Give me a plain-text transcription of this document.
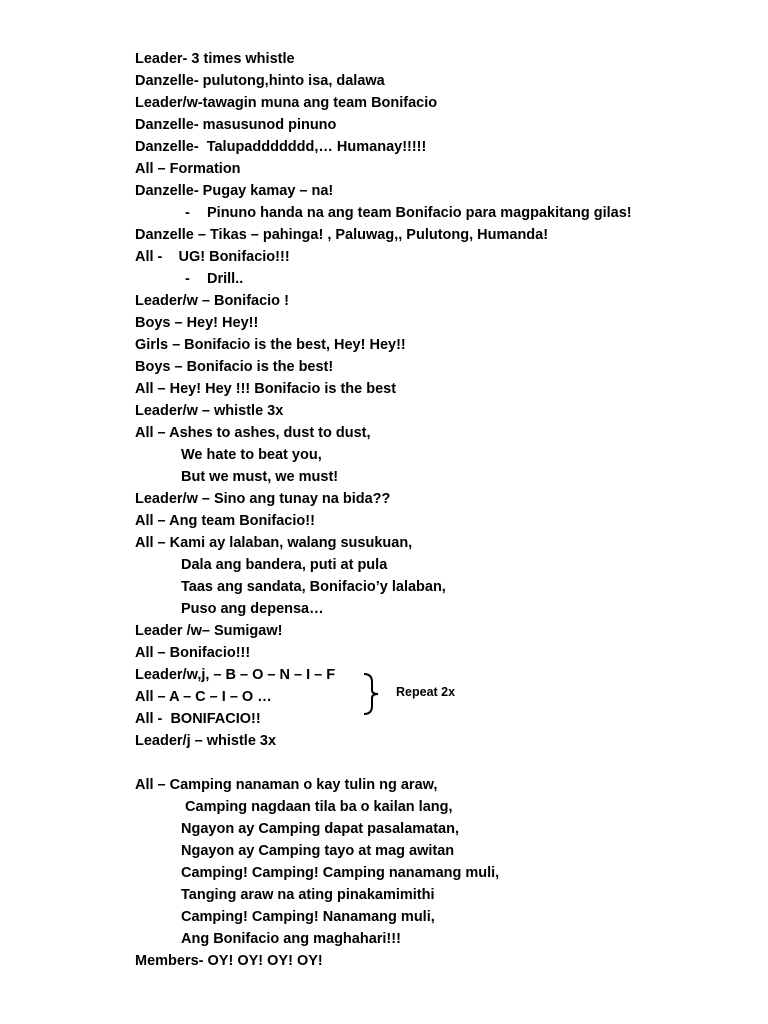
Leader- 3 times whistle
Danzelle- pulutong,hinto isa, dalawa
Leader/w-tawagin muna ang team Bonifacio
Danzelle- masusunod pinuno
Danzelle-  Talupaddddddd,… Humanay!!!!!
All – Formation
Danzelle- Pugay kamay – na!
- Pinuno handa na ang team Bonifacio para magpakitang gilas!
Danzelle – Tikas – pahinga! , Paluwag,, Pulutong, Humanda!
All -    UG! Bonifacio!!!
- Drill..
Leader/w – Bonifacio !
Boys – Hey! Hey!!
Girls – Bonifacio is the best, Hey! Hey!!
Boys – Bonifacio is the best!
All – Hey! Hey !!! Bonifacio is the best
Leader/w – whistle 3x
All – Ashes to ashes, dust to dust,
We hate to beat you,
But we must, we must!
Leader/w – Sino ang tunay na bida??
All – Ang team Bonifacio!!
All – Kami ay lalaban, walang susukuan,
Dala ang bandera, puti at pula
Taas ang sandata, Bonifacio’y lalaban,
Puso ang depensa…
Leader /w– Sumigaw!
All – Bonifacio!!!
Leader/w,j, – B – O – N – I – F
All – A – C – I – O …
All -  BONIFACIO!!
Leader/j – whistle 3x
All – Camping nanaman o kay tulin ng araw,
Camping nagdaan tila ba o kailan lang,
Ngayon ay Camping dapat pasalamatan,
Ngayon ay Camping tayo at mag awitan
Camping! Camping! Camping nanamang muli,
Tanging araw na ating pinakamimithi
Camping! Camping! Nanamang muli,
Ang Bonifacio ang maghahari!!!
Members- OY! OY! OY! OY!
Repeat 2x
